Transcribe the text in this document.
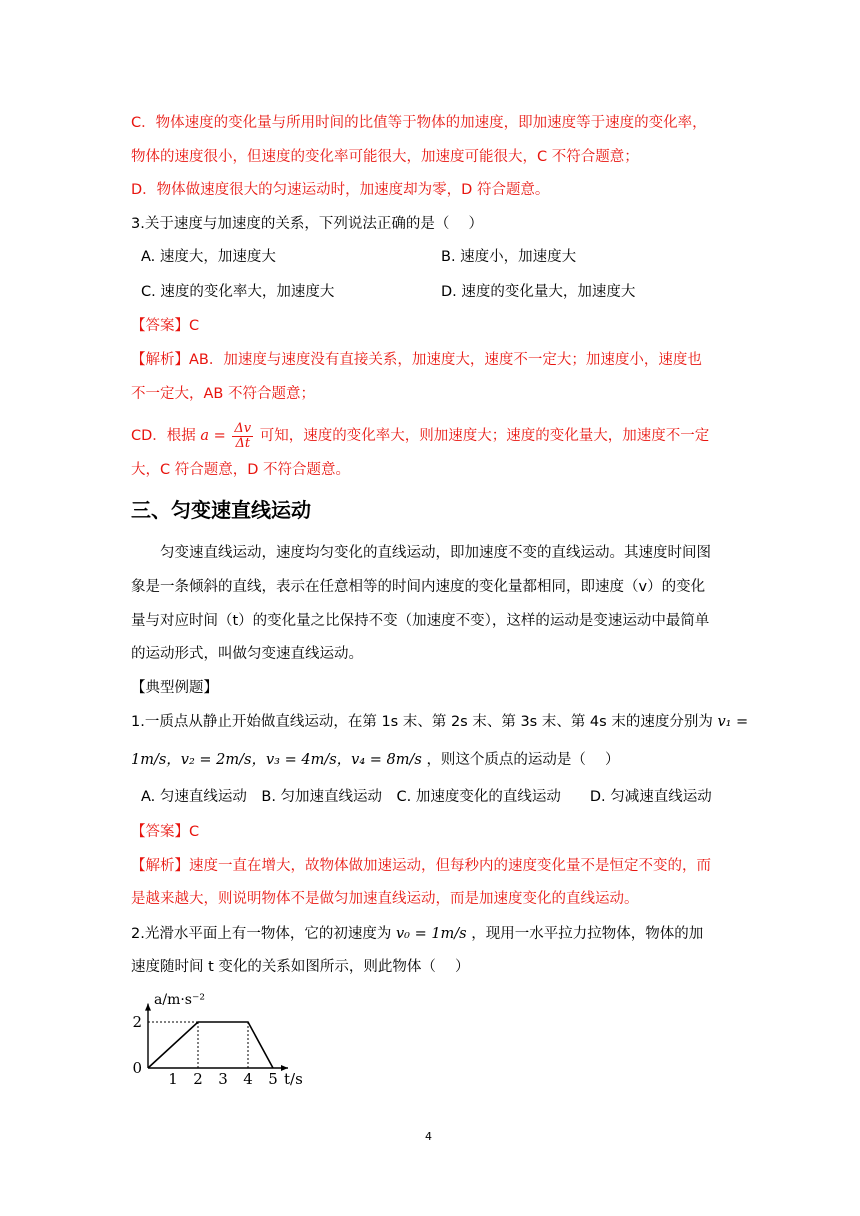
C．物体速度的变化量与所用时间的比值等于物体的加速度，即加速度等于速度的变化率，
物体的速度很小，但速度的变化率可能很大，加速度可能很大，C 不符合题意；
D．物体做速度很大的匀速运动时，加速度却为零，D 符合题意。
3.关于速度与加速度的关系，下列说法正确的是（　 ）
A. 速度大，加速度大	B. 速度小，加速度大
C. 速度的变化率大，加速度大	D. 速度的变化量大，加速度大
【答案】C
【解析】AB．加速度与速度没有直接关系，加速度大，速度不一定大；加速度小，速度也
不一定大，AB 不符合题意；
CD．根据 $a = \frac{\Delta v}{\Delta t}$ 可知，速度的变化率大，则加速度大；速度的变化量大，加速度不一定
大，C 符合题意，D 不符合题意。
三、匀变速直线运动
匀变速直线运动，速度均匀变化的直线运动，即加速度不变的直线运动。其速度时间图
象是一条倾斜的直线，表示在任意相等的时间内速度的变化量都相同，即速度（v）的变化
量与对应时间（t）的变化量之比保持不变（加速度不变），这样的运动是变速运动中最简单
的运动形式，叫做匀变速直线运动。
【典型例题】
1.一质点从静止开始做直线运动，在第 1s 末、第 2s 末、第 3s 末、第 4s 末的速度分别为 v₁ =
1m/s，v₂ = 2m/s，v₃ = 4m/s，v₄ = 8m/s ，则这个质点的运动是（　 ）
A. 匀速直线运动　B. 匀加速直线运动　C. 加速度变化的直线运动　　D. 匀减速直线运动
【答案】C
【解析】速度一直在增大，故物体做加速运动，但每秒内的速度变化量不是恒定不变的，而
是越来越大，则说明物体不是做匀加速直线运动，而是加速度变化的直线运动。
2.光滑水平面上有一物体，它的初速度为 v₀ = 1m/s ，现用一水平拉力拉物体，物体的加
速度随时间 t 变化的关系如图所示，则此物体（　 ）
1 2 3 4 5
0
2
a/m·s⁻²
t/s
4
